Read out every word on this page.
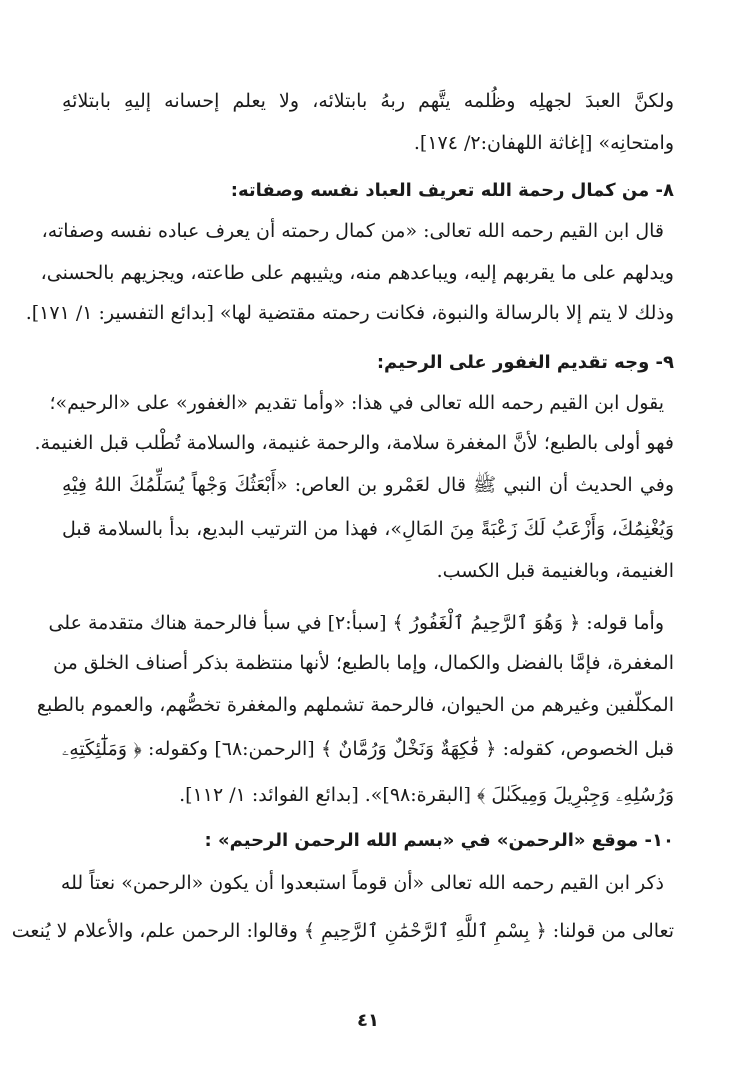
ولكنَّ العبدَ لجهلِه وظُلمه يتَّهم ربهُ بابتلائه، ولا يعلم إحسانه إليهِ بابتلائهِ
وامتحانِه» [إغاثة اللهفان:٢/ ١٧٤].
٨- من كمال رحمة الله تعريف العباد نفسه وصفاته:
قال ابن القيم رحمه الله تعالى: «من كمال رحمته أن يعرف عباده نفسه وصفاته،
ويدلهم على ما يقربهم إليه، ويباعدهم منه، ويثيبهم على طاعته، ويجزيهم بالحسنى،
وذلك لا يتم إلا بالرسالة والنبوة، فكانت رحمته مقتضية لها» [بدائع التفسير: ١/ ١٧١].
٩- وجه تقديم الغفور على الرحيم:
يقول ابن القيم رحمه الله تعالى في هذا: «وأما تقديم «الغفور» على «الرحيم»؛
فهو أولى بالطبع؛ لأنَّ المغفرة سلامة، والرحمة غنيمة، والسلامة تُطْلب قبل الغنيمة.
وفي الحديث أن النبي ﷺ قال لعَمْرو بن العاص: «أَبْعَثُكَ وَجْهاً يُسَلِّمُكَ اللهُ فِيْهِ
وَيُغْنِمُكَ، وَأَزْعَبُ لَكَ زَعْبَةً مِنَ المَالِ»، فهذا من الترتيب البديع، بدأ بالسلامة قبل
الغنيمة، وبالغنيمة قبل الكسب.
وأما قوله: ﴿ وَهُوَ ٱلرَّحِيمُ ٱلْغَفُورُ ﴾ [سبأ:٢] في سبأ فالرحمة هناك متقدمة على
المغفرة، فإمَّا بالفضل والكمال، وإما بالطبع؛ لأنها منتظمة بذكر أصناف الخلق من
المكلّفين وغيرهم من الحيوان، فالرحمة تشملهم والمغفرة تخصُّهم، والعموم بالطبع
قبل الخصوص، كقوله: ﴿ فَٰكِهَةٌ وَنَخْلٌ وَرُمَّانٌ ﴾ [الرحمن:٦٨] وكقوله: ﴿ وَمَلَٰٓئِكَتِهِۦ
وَرُسُلِهِۦ وَجِبْرِيلَ وَمِيكَىٰلَ ﴾ [البقرة:٩٨]». [بدائع الفوائد: ١/ ١١٢].
١٠- موقع «الرحمن» في «بسم الله الرحمن الرحيم» :
ذكر ابن القيم رحمه الله تعالى «أن قوماً استبعدوا أن يكون «الرحمن» نعتاً لله
تعالى من قولنا: ﴿ بِسْمِ ٱللَّهِ ٱلرَّحْمَٰنِ ٱلرَّحِيمِ ﴾ وقالوا: الرحمن علم، والأعلام لا يُنعت
٤١
